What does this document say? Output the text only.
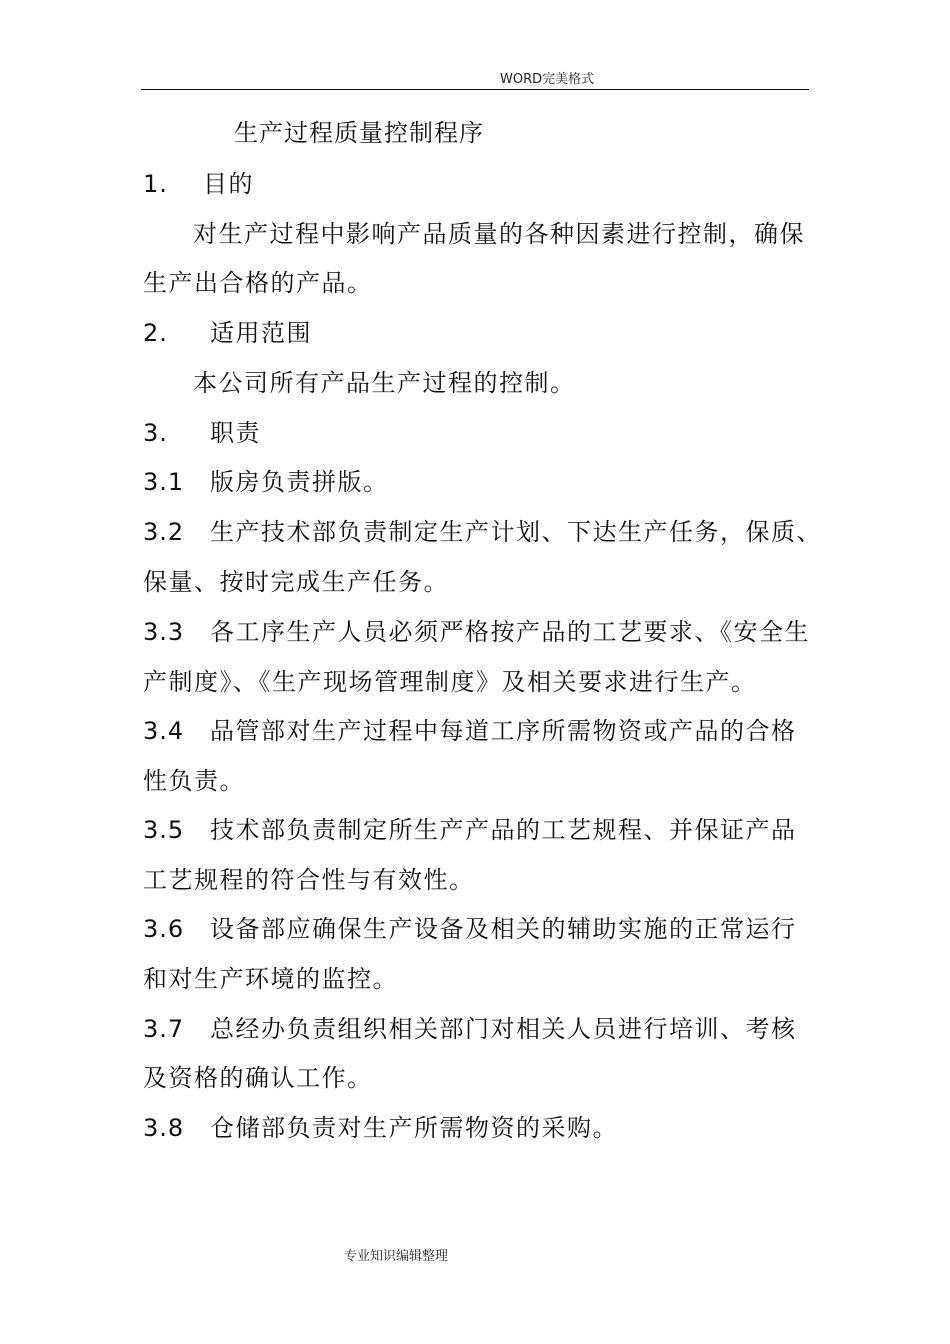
WORD完美格式
生产过程质量控制程序
1. 目的
对生产过程中影响产品质量的各种因素进行控制，确保
生产出合格的产品。
2. 适用范围
本公司所有产品生产过程的控制。
3. 职责
3.1 版房负责拼版。
3.2 生产技术部负责制定生产计划、下达生产任务，保质、
保量、按时完成生产任务。
3.3 各工序生产人员必须严格按产品的工艺要求、《安全生
产制度》、《生产现场管理制度》及相关要求进行生产。
3.4 品管部对生产过程中每道工序所需物资或产品的合格
性负责。
3.5 技术部负责制定所生产产品的工艺规程、并保证产品
工艺规程的符合性与有效性。
3.6 设备部应确保生产设备及相关的辅助实施的正常运行
和对生产环境的监控。
3.7 总经办负责组织相关部门对相关人员进行培训、考核
及资格的确认工作。
3.8 仓储部负责对生产所需物资的采购。
专业知识编辑整理
